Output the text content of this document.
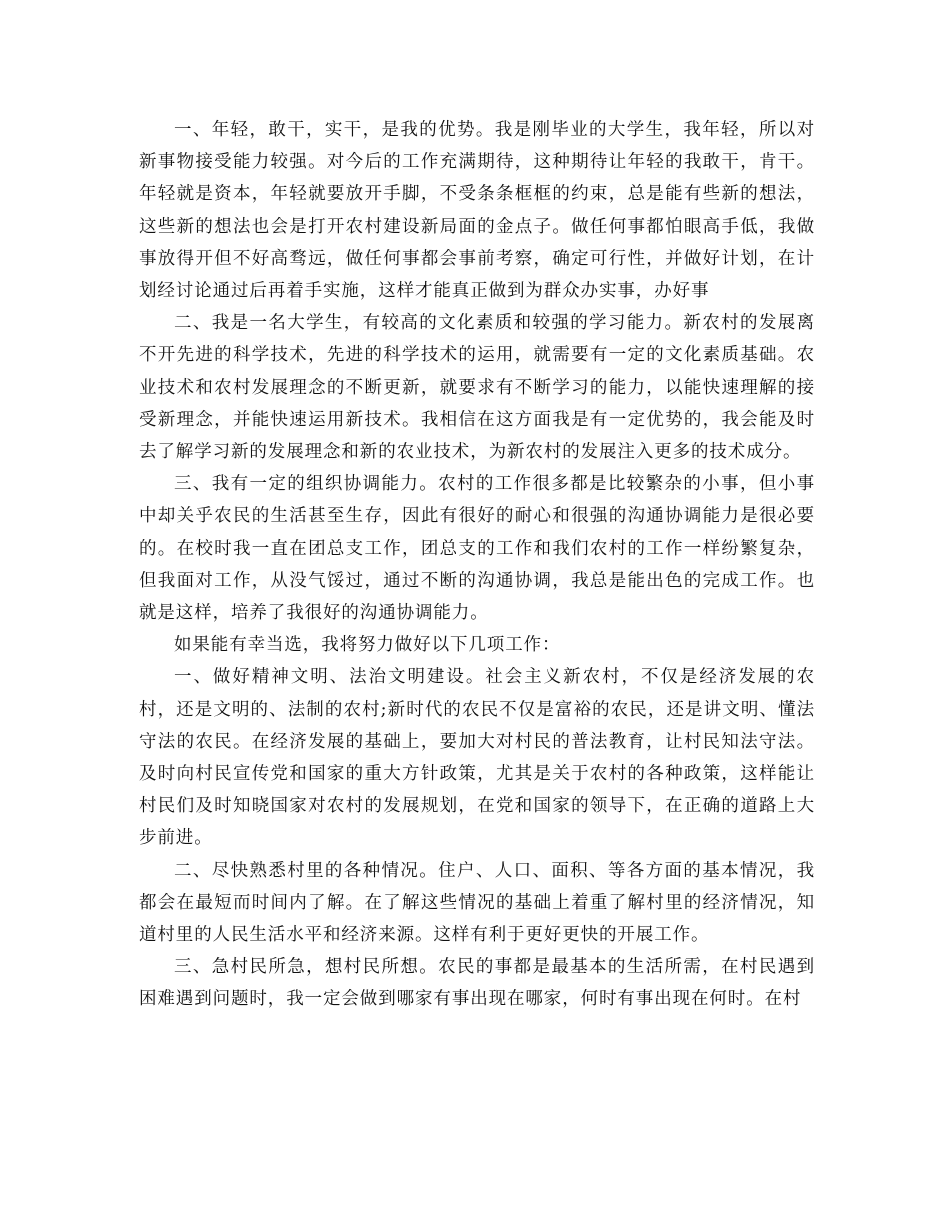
一、年轻，敢干，实干，是我的优势。我是刚毕业的大学生，我年轻，所以对新事物接受能力较强。对今后的工作充满期待，这种期待让年轻的我敢干，肯干。年轻就是资本，年轻就要放开手脚，不受条条框框的约束，总是能有些新的想法，这些新的想法也会是打开农村建设新局面的金点子。做任何事都怕眼高手低，我做事放得开但不好高骛远，做任何事都会事前考察，确定可行性，并做好计划，在计划经讨论通过后再着手实施，这样才能真正做到为群众办实事，办好事

二、我是一名大学生，有较高的文化素质和较强的学习能力。新农村的发展离不开先进的科学技术，先进的科学技术的运用，就需要有一定的文化素质基础。农业技术和农村发展理念的不断更新，就要求有不断学习的能力，以能快速理解的接受新理念，并能快速运用新技术。我相信在这方面我是有一定优势的，我会能及时去了解学习新的发展理念和新的农业技术，为新农村的发展注入更多的技术成分。

三、我有一定的组织协调能力。农村的工作很多都是比较繁杂的小事，但小事中却关乎农民的生活甚至生存，因此有很好的耐心和很强的沟通协调能力是很必要的。在校时我一直在团总支工作，团总支的工作和我们农村的工作一样纷繁复杂，但我面对工作，从没气馁过，通过不断的沟通协调，我总是能出色的完成工作。也就是这样，培养了我很好的沟通协调能力。

如果能有幸当选，我将努力做好以下几项工作：

一、做好精神文明、法治文明建设。社会主义新农村，不仅是经济发展的农村，还是文明的、法制的农村;新时代的农民不仅是富裕的农民，还是讲文明、懂法守法的农民。在经济发展的基础上，要加大对村民的普法教育，让村民知法守法。及时向村民宣传党和国家的重大方针政策，尤其是关于农村的各种政策，这样能让村民们及时知晓国家对农村的发展规划，在党和国家的领导下，在正确的道路上大步前进。

二、尽快熟悉村里的各种情况。住户、人口、面积、等各方面的基本情况，我都会在最短而时间内了解。在了解这些情况的基础上着重了解村里的经济情况，知道村里的人民生活水平和经济来源。这样有利于更好更快的开展工作。

三、急村民所急，想村民所想。农民的事都是最基本的生活所需，在村民遇到困难遇到问题时，我一定会做到哪家有事出现在哪家，何时有事出现在何时。在村
